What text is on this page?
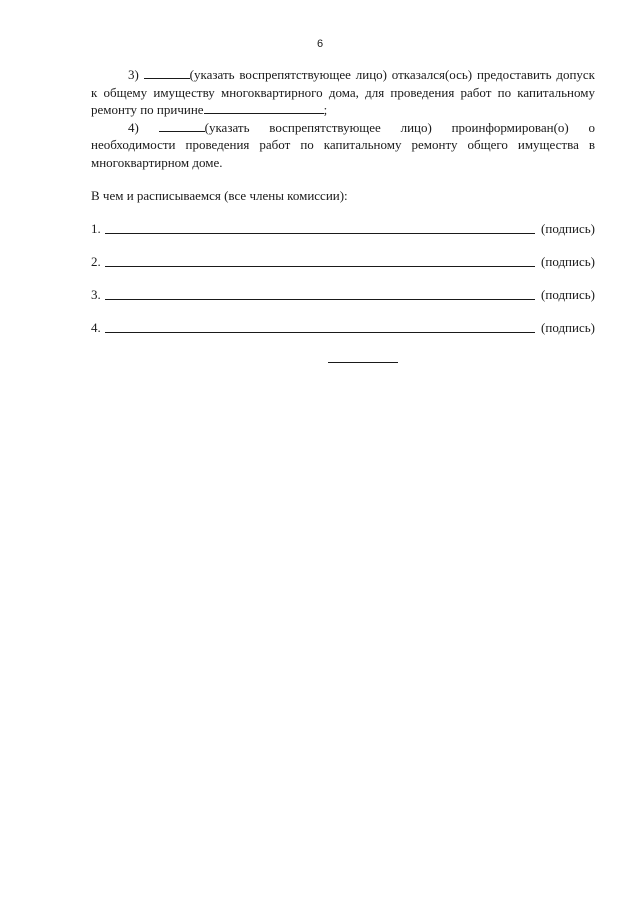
6

3)	(указать воспрепятствующее лицо) отказался(ось) предоставить допуск к общему имуществу многоквартирного дома, для проведения работ по капитальному ремонту по причине	;

4)	(указать воспрепятствующее лицо) проинформирован(о) о необходимости проведения работ по капитальному ремонту общего имущества в многоквартирном доме.

В чем и расписываемся (все члены комиссии):

1.	(подпись)
2.	(подпись)
3.	(подпись)
4.	(подпись)
